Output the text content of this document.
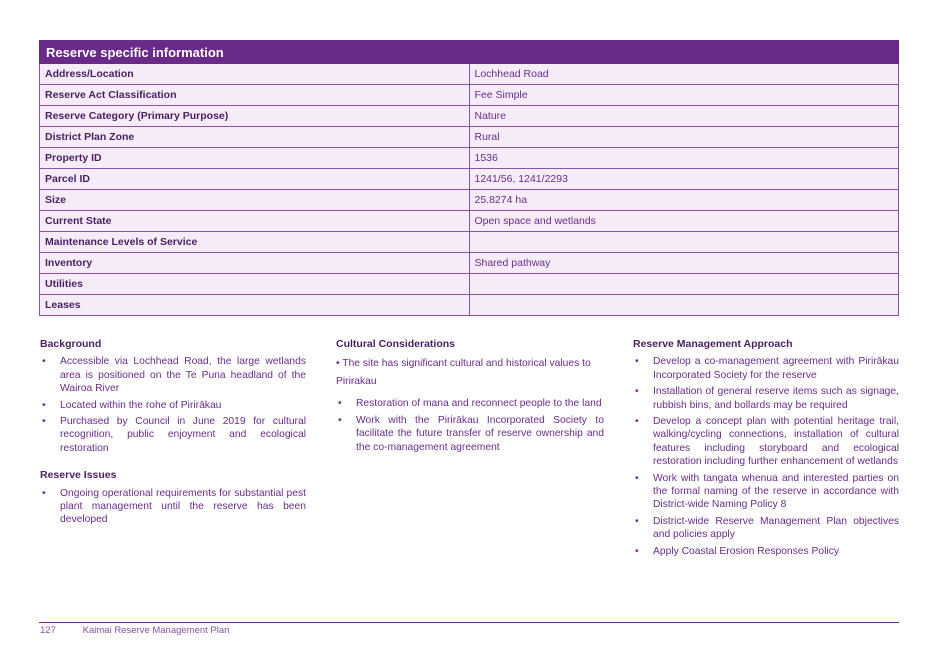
Reserve specific information	
Address/Location	Lochhead Road
Reserve Act Classification	Fee Simple
Reserve Category (Primary Purpose)	Nature
District Plan Zone	Rural
Property ID	1536
Parcel ID	1241/56, 1241/2293
Size	25.8274 ha
Current State	Open space and wetlands
Maintenance Levels of Service	
Inventory	Shared pathway
Utilities	
Leases	
Background
• Accessible via Lochhead Road, the large wetlands area is positioned on the Te Puna headland of the Wairoa River
• Located within the rohe of Pirirākau
• Purchased by Council in June 2019 for cultural recognition, public enjoyment and ecological restoration
Reserve Issues
• Ongoing operational requirements for substantial pest plant management until the reserve has been developed
Cultural Considerations

• The site has significant cultural and historical values to Pirirakau

• Restoration of mana and reconnect people to the land
• Work with the Pirirākau Incorporated Society to facilitate the future transfer of reserve ownership and the co-management agreement
Reserve Management Approach
• Develop a co-management agreement with Pirirākau Incorporated Society for the reserve
• Installation of general reserve items such as signage, rubbish bins, and bollards may be required
• Develop a concept plan with potential heritage trail, walking/cycling connections, installation of cultural features including storyboard and ecological restoration including further enhancement of wetlands
• Work with tangata whenua and interested parties on the formal naming of the reserve in accordance with District-wide Naming Policy 8
• District-wide Reserve Management Plan objectives and policies apply
• Apply Coastal Erosion Responses Policy
127	Kaimai Reserve Management Plan
